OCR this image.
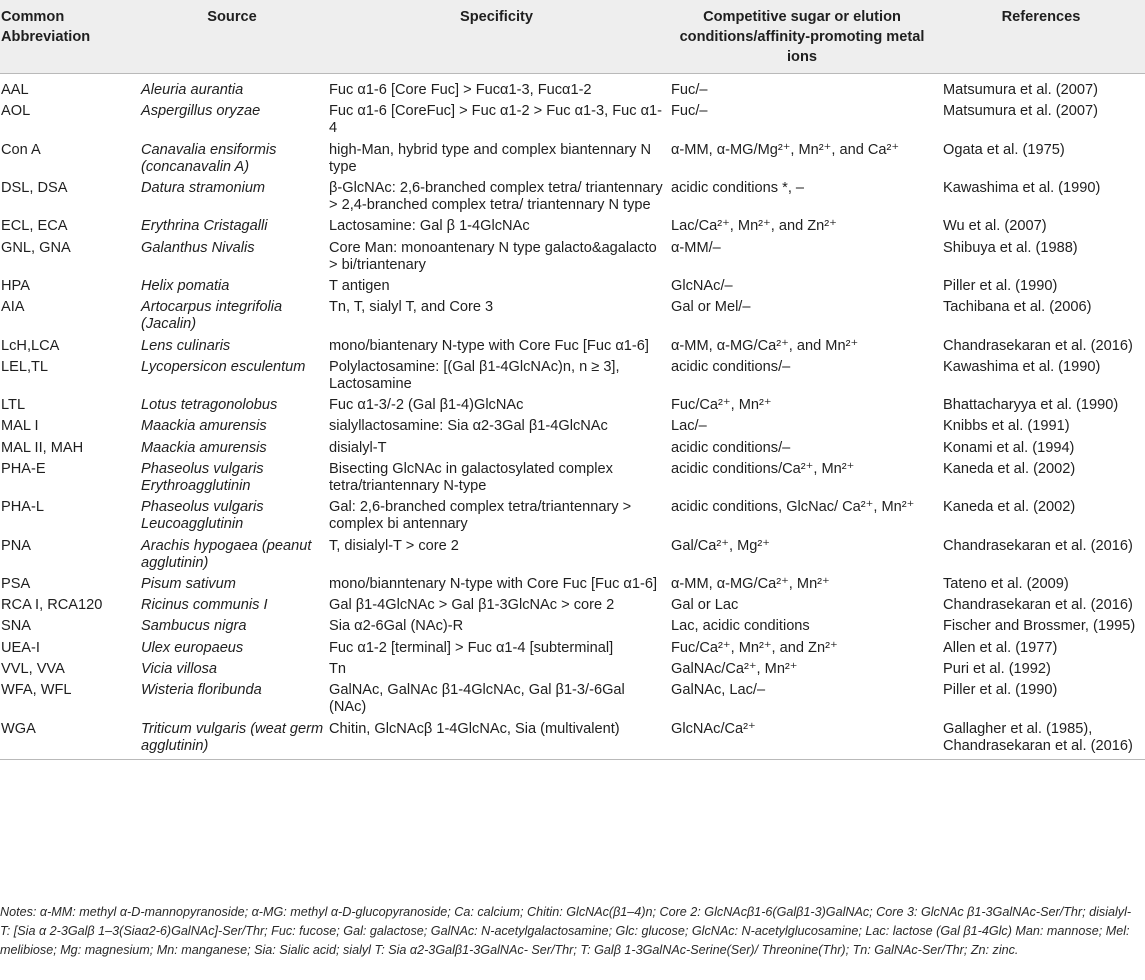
Common Abbreviation	Source	Specificity	Competitive sugar or elution conditions/affinity-promoting metal ions	References
AAL	Aleuria aurantia	Fuc α1-6 [Core Fuc] > Fucα1-3, Fucα1-2	Fuc/–	Matsumura et al. (2007)
AOL	Aspergillus oryzae	Fuc α1-6 [CoreFuc] > Fuc α1-2 > Fuc α1-3, Fuc α1-4	Fuc/–	Matsumura et al. (2007)
Con A	Canavalia ensiformis (concanavalin A)	high-Man, hybrid type and complex biantennary N type	α-MM, α-MG/Mg²⁺, Mn²⁺, and Ca²⁺	Ogata et al. (1975)
DSL, DSA	Datura stramonium	β-GlcNAc: 2,6-branched complex tetra/ triantennary > 2,4-branched complex tetra/ triantennary N type	acidic conditions *, –	Kawashima et al. (1990)
ECL, ECA	Erythrina Cristagalli	Lactosamine: Gal β 1-4GlcNAc	Lac/Ca²⁺, Mn²⁺, and Zn²⁺	Wu et al. (2007)
GNL, GNA	Galanthus Nivalis	Core Man: monoantenary N type galacto&agalacto > bi/triantenary	α-MM/–	Shibuya et al. (1988)
HPA	Helix pomatia	T antigen	GlcNAc/–	Piller et al. (1990)
AIA	Artocarpus integrifolia (Jacalin)	Tn, T, sialyl T, and Core 3	Gal or Mel/–	Tachibana et al. (2006)
LcH,LCA	Lens culinaris	mono/biantenary N-type with Core Fuc [Fuc α1-6]	α-MM, α-MG/Ca²⁺, and Mn²⁺	Chandrasekaran et al. (2016)
LEL,TL	Lycopersicon esculentum	Polylactosamine: [(Gal β1-4GlcNAc)n, n ≥ 3], Lactosamine	acidic conditions/–	Kawashima et al. (1990)
LTL	Lotus tetragonolobus	Fuc α1-3/-2 (Gal β1-4)GlcNAc	Fuc/Ca²⁺, Mn²⁺	Bhattacharyya et al. (1990)
MAL I	Maackia amurensis	sialyllactosamine: Sia α2-3Gal β1-4GlcNAc	Lac/–	Knibbs et al. (1991)
MAL II, MAH	Maackia amurensis	disialyl-T	acidic conditions/–	Konami et al. (1994)
PHA-E	Phaseolus vulgaris Erythroagglutinin	Bisecting GlcNAc in galactosylated complex tetra/triantennary N-type	acidic conditions/Ca²⁺, Mn²⁺	Kaneda et al. (2002)
PHA-L	Phaseolus vulgaris Leucoagglutinin	Gal: 2,6-branched complex tetra/triantennary > complex bi antennary	acidic conditions, GlcNac/ Ca²⁺, Mn²⁺	Kaneda et al. (2002)
PNA	Arachis hypogaea (peanut agglutinin)	T, disialyl-T > core 2	Gal/Ca²⁺, Mg²⁺	Chandrasekaran et al. (2016)
PSA	Pisum sativum	mono/bianntenary N-type with Core Fuc [Fuc α1-6]	α-MM, α-MG/Ca²⁺, Mn²⁺	Tateno et al. (2009)
RCA I, RCA120	Ricinus communis I	Gal β1-4GlcNAc > Gal β1-3GlcNAc > core 2	Gal or Lac	Chandrasekaran et al. (2016)
SNA	Sambucus nigra	Sia α2-6Gal (NAc)-R	Lac, acidic conditions	Fischer and Brossmer, (1995)
UEA-I	Ulex europaeus	Fuc α1-2 [terminal] > Fuc α1-4 [subterminal]	Fuc/Ca²⁺, Mn²⁺, and Zn²⁺	Allen et al. (1977)
VVL, VVA	Vicia villosa	Tn	GalNAc/Ca²⁺, Mn²⁺	Puri et al. (1992)
WFA, WFL	Wisteria floribunda	GalNAc, GalNAc β1-4GlcNAc, Gal β1-3/-6Gal (NAc)	GalNAc, Lac/–	Piller et al. (1990)
WGA	Triticum vulgaris (weat germ agglutinin)	Chitin, GlcNAcβ 1-4GlcNAc, Sia (multivalent)	GlcNAc/Ca²⁺	Gallagher et al. (1985), Chandrasekaran et al. (2016)
Notes: α-MM: methyl α-D-mannopyranoside; α-MG: methyl α-D-glucopyranoside; Ca: calcium; Chitin: GlcNAc(β1–4)n; Core 2: GlcNAcβ1-6(Galβ1-3)GalNAc; Core 3: GlcNAc β1-3GalNAc-Ser/Thr; disialyl-T: [Sia α 2-3Galβ 1–3(Siaα2-6)GalNAc]-Ser/Thr; Fuc: fucose; Gal: galactose; GalNAc: N-acetylgalactosamine; Glc: glucose; GlcNAc: N-acetylglucosamine; Lac: lactose (Gal β1-4Glc) Man: mannose; Mel: melibiose; Mg: magnesium; Mn: manganese; Sia: Sialic acid; sialyl T: Sia α2-3Galβ1-3GalNAc- Ser/Thr; T: Galβ 1-3GalNAc-Serine(Ser)/ Threonine(Thr); Tn: GalNAc-Ser/Thr; Zn: zinc.
